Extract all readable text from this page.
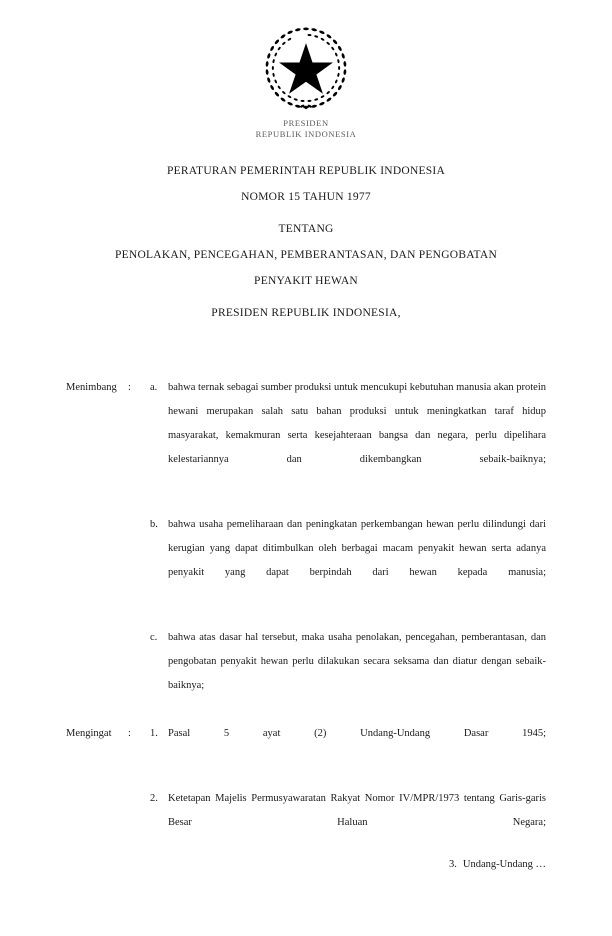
PRESIDEN
REPUBLIK INDONESIA
PERATURAN PEMERINTAH REPUBLIK INDONESIA
NOMOR 15 TAHUN 1977
TENTANG
PENOLAKAN, PENCEGAHAN, PEMBERANTASAN, DAN PENGOBATAN
PENYAKIT HEWAN
PRESIDEN REPUBLIK INDONESIA,
Menimbang	:	a.	bahwa ternak sebagai sumber produksi untuk mencukupi kebutuhan manusia akan protein hewani merupakan salah satu bahan produksi untuk meningkatkan taraf hidup masyarakat, kemakmuran serta kesejahteraan bangsa dan negara, perlu dipelihara kelestariannya dan dikembangkan sebaik-baiknya;
b. bahwa usaha pemeliharaan dan peningkatan perkembangan hewan perlu dilindungi dari kerugian yang dapat ditimbulkan oleh berbagai macam penyakit hewan serta adanya penyakit yang dapat berpindah dari hewan kepada manusia;
c.	bahwa atas dasar hal tersebut, maka usaha penolakan, pencegahan, pemberantasan, dan pengobatan penyakit hewan perlu dilakukan secara seksama dan diatur dengan sebaik-baiknya;
Mengingat	:	1. Pasal 5 ayat (2) Undang-Undang Dasar 1945;
2. Ketetapan Majelis Permusyawaratan Rakyat Nomor IV/MPR/1973 tentang Garis-garis Besar Haluan Negara;
3. Undang-Undang …
